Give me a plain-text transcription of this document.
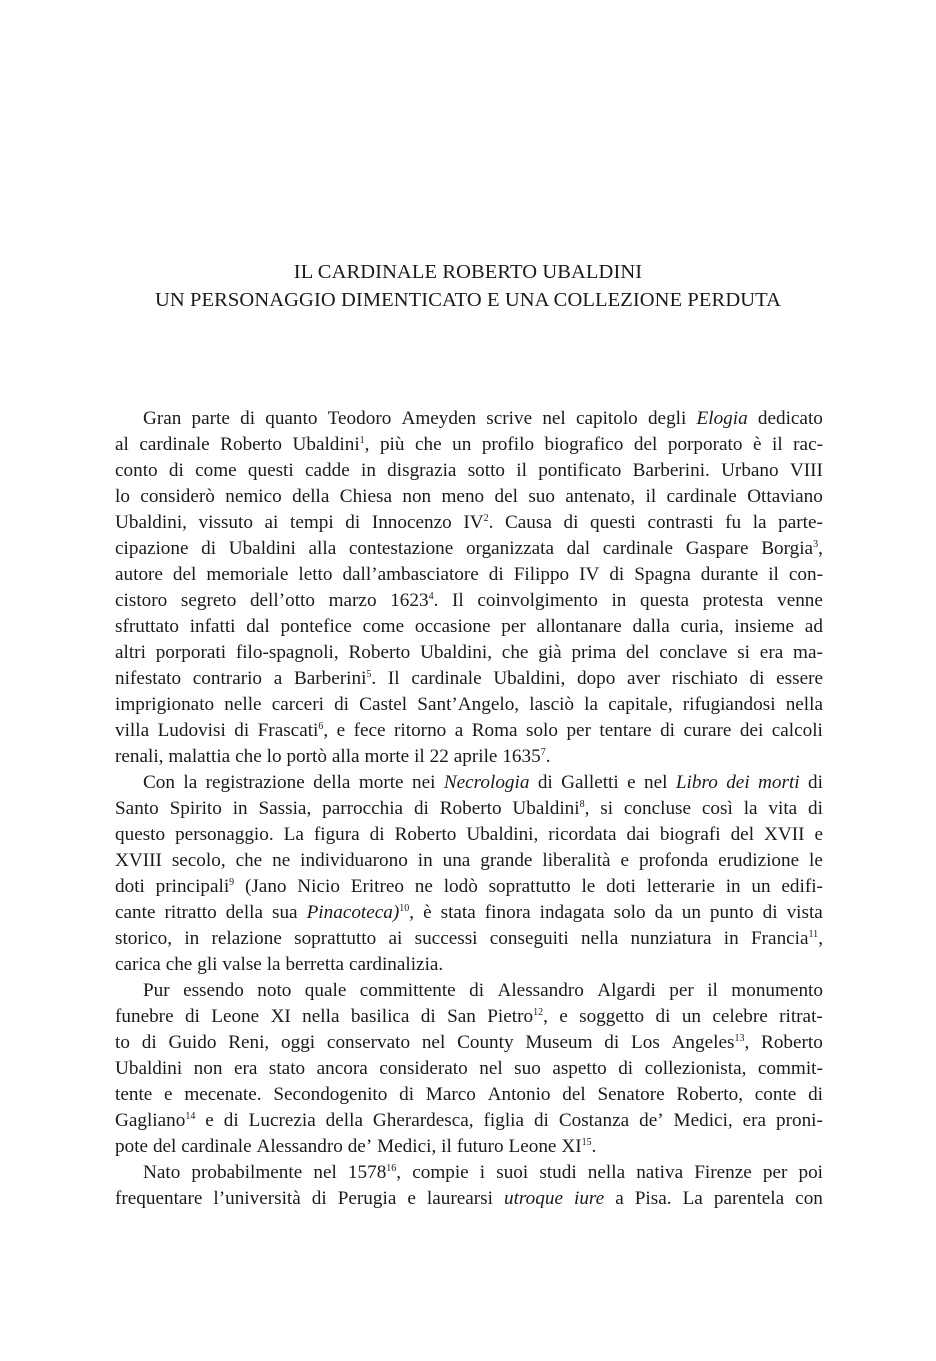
IL CARDINALE ROBERTO UBALDINI
UN PERSONAGGIO DIMENTICATO E UNA COLLEZIONE PERDUTA
Gran parte di quanto Teodoro Ameyden scrive nel capitolo degli Elogia dedicato
al cardinale Roberto Ubaldini$^1$, più che un profilo biografico del porporato è il rac-
conto di come questi cadde in disgrazia sotto il pontificato Barberini. Urbano VIII
lo considerò nemico della Chiesa non meno del suo antenato, il cardinale Ottaviano
Ubaldini, vissuto ai tempi di Innocenzo $IV^2$. Causa di questi contrasti fu la parte-
cipazione di Ubaldini alla contestazione organizzata dal cardinale Gaspare Borgia$^3$,
autore del memoriale letto dall’ambasciatore di Filippo IV di Spagna durante il con-
cistoro segreto dell’otto marzo 1623$^4$. Il coinvolgimento in questa protesta venne
sfruttato infatti dal pontefice come occasione per allontanare dalla curia, insieme ad
altri porporati filo-spagnoli, Roberto Ubaldini, che già prima del conclave si era ma-
nifestato contrario a Barberini$^5$. Il cardinale Ubaldini, dopo aver rischiato di essere
imprigionato nelle carceri di Castel Sant’Angelo, lasciò la capitale, rifugiandosi nella
villa Ludovisi di Frascati$^6$, e fece ritorno a Roma solo per tentare di curare dei calcoli
renali, malattia che lo portò alla morte il 22 aprile 1635$^7$.
Con la registrazione della morte nei Necrologia di Galletti e nel Libro dei morti di
Santo Spirito in Sassia, parrocchia di Roberto Ubaldini$^8$, si concluse così la vita di
questo personaggio. La figura di Roberto Ubaldini, ricordata dai biografi del XVII e
XVIII secolo, che ne individuarono in una grande liberalità e profonda erudizione le
doti principali$^9$ (Jano Nicio Eritreo ne lodò soprattutto le doti letterarie in un edifi-
cante ritratto della sua Pinacoteca)$^{10}$, è stata finora indagata solo da un punto di vista
storico, in relazione soprattutto ai successi conseguiti nella nunziatura in Francia$^{11}$,
carica che gli valse la berretta cardinalizia.
Pur essendo noto quale committente di Alessandro Algardi per il monumento
funebre di Leone XI nella basilica di San Pietro$^{12}$, e soggetto di un celebre ritrat-
to di Guido Reni, oggi conservato nel County Museum di Los Angeles$^{13}$, Roberto
Ubaldini non era stato ancora considerato nel suo aspetto di collezionista, commit-
tente e mecenate. Secondogenito di Marco Antonio del Senatore Roberto, conte di
Gagliano$^{14}$ e di Lucrezia della Gherardesca, figlia di Costanza de’ Medici, era proni-
pote del cardinale Alessandro de’ Medici, il futuro Leone XI$^{15}$.
Nato probabilmente nel 1578$^{16}$, compie i suoi studi nella nativa Firenze per poi
frequentare l’università di Perugia e laurearsi utroque iure a Pisa. La parentela con
